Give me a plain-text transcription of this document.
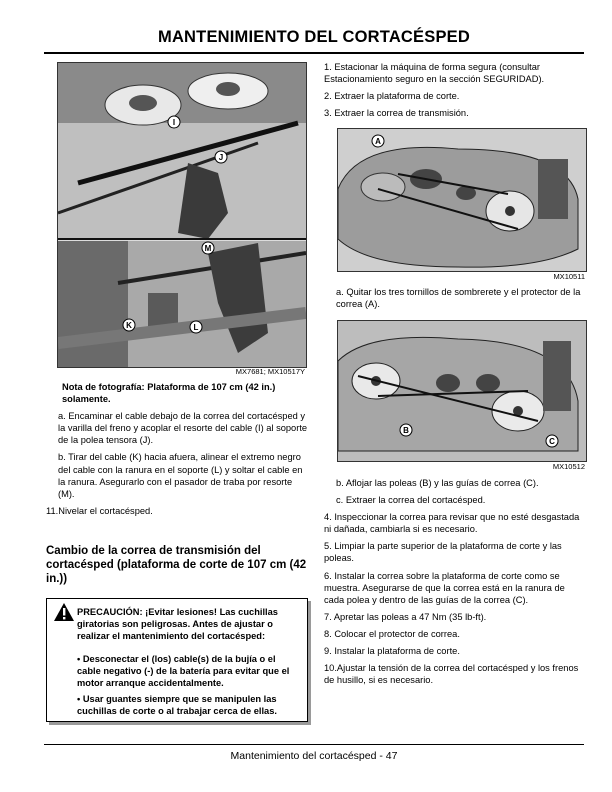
MANTENIMIENTO DEL CORTACÉSPED
I
J
M
K	L
MX7681; MX10517Y

Nota de fotografía: Plataforma de 107 cm (42 in.) solamente.

a. Encaminar el cable debajo de la correa del cortacésped y la varilla del freno y acoplar el resorte del cable (I) al soporte de la polea tensora (J).

b. Tirar del cable (K) hacia afuera, alinear el extremo negro del cable con la ranura en el soporte (L) y soltar el cable en la ranura. Asegurarlo con el pasador de traba por resorte (M).

11.Nivelar el cortacésped.

Cambio de la correa de transmisión del cortacésped (plataforma de corte de 107 cm (42 in.))
PRECAUCIÓN: ¡Evitar lesiones! Las cuchillas giratorias son peligrosas. Antes de ajustar o realizar el mantenimiento del cortacésped:
• Desconectar el (los) cable(s) de la bujía o el cable negativo (-) de la batería para evitar que el motor arranque accidentalmente.
• Usar guantes siempre que se manipulen las cuchillas de corte o al trabajar cerca de ellas.

1. Estacionar la máquina de forma segura (consultar Estacionamiento seguro en la sección SEGURIDAD).

2. Extraer la plataforma de corte.

3. Extraer la correa de transmisión.

A
MX10511

a. Quitar los tres tornillos de sombrerete y el protector de la correa (A).

B
C
MX10512

b. Aflojar las poleas (B) y las guías de correa (C).

c. Extraer la correa del cortacésped.

4. Inspeccionar la correa para revisar que no esté desgastada ni dañada, cambiarla si es necesario.

5. Limpiar la parte superior de la plataforma de corte y las poleas.

6. Instalar la correa sobre la plataforma de corte como se muestra. Asegurarse de que la correa está en la ranura de cada polea y dentro de las guías de la correa (C).

7. Apretar las poleas a 47 Nm (35 lb-ft).

8. Colocar el protector de correa.

9. Instalar la plataforma de corte.

10.Ajustar la tensión de la correa del cortacésped y los frenos de husillo, si es necesario.

Mantenimiento del cortacésped - 47
